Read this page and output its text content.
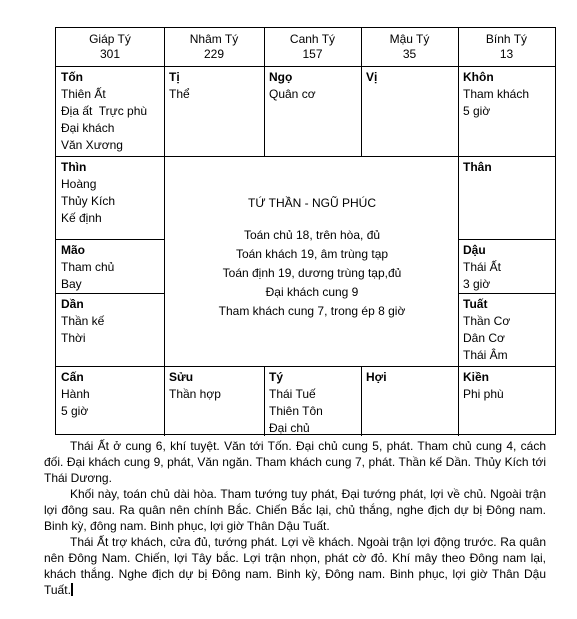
Giáp Tý
301
Nhâm Tý
229
Canh Tý
157
Mậu Tý
35
Bính Tý
13
Tốn
Thiên Ất
Địa ất  Trực phù
Đại khách
Văn Xương
Tị
Thể
Ngọ
Quân cơ
Vị	Khôn
Tham khách
5 giờ
Thìn
Hoàng
Thủy Kích
Kế định
Mão
Tham chủ
Bay
Dần
Thần kế
Thời
Thân
Dậu
Thái Ất
3 giờ
Tuất
Thần Cơ
Dân Cơ
Thái Âm
TỨ THẦN - NGŨ PHÚC
Toán chủ 18, trên hòa, đủ
Toán khách 19, âm trùng tạp
Toán định 19, dương trùng tạp,đủ
Đại khách cung 9
Tham khách cung 7, trong ép 8 giờ
Cấn
Hành
5 giờ
Sửu
Thần hợp
Tý
Thái Tuế
Thiên Tôn
Đại chủ
Hợi	Kiền
Phi phù

Thái Ất ở cung 6, khí tuyệt. Văn tới Tốn. Đại chủ cung 5, phát. Tham chủ cung 4, cách đối. Đại khách cung 9, phát, Văn ngăn. Tham khách cung 7, phát. Thần kế Dần. Thủy Kích tới Thái Dương.

Khối này, toán chủ dài hòa. Tham tướng tuy phát, Đại tướng phát, lợi về chủ. Ngoài trận lợi đông sau. Ra quân nên chính Bắc. Chiến Bắc lại, chủ thắng, nghe địch dự bị Đông nam. Binh kỳ, đông nam. Binh phục, lợi giờ Thân Dậu Tuất.

Thái Ất trợ khách, cửa đủ, tướng phát. Lợi về khách. Ngoài trận lợi động trước. Ra quân nên Đông Nam. Chiến, lợi Tây bắc. Lợi trận nhọn, phát cờ đỏ. Khí mây theo Đông nam lại, khách thắng. Nghe địch dự bị Đông nam. Binh kỳ, Đông nam. Binh phục, lợi giờ Thân Dậu Tuất.
